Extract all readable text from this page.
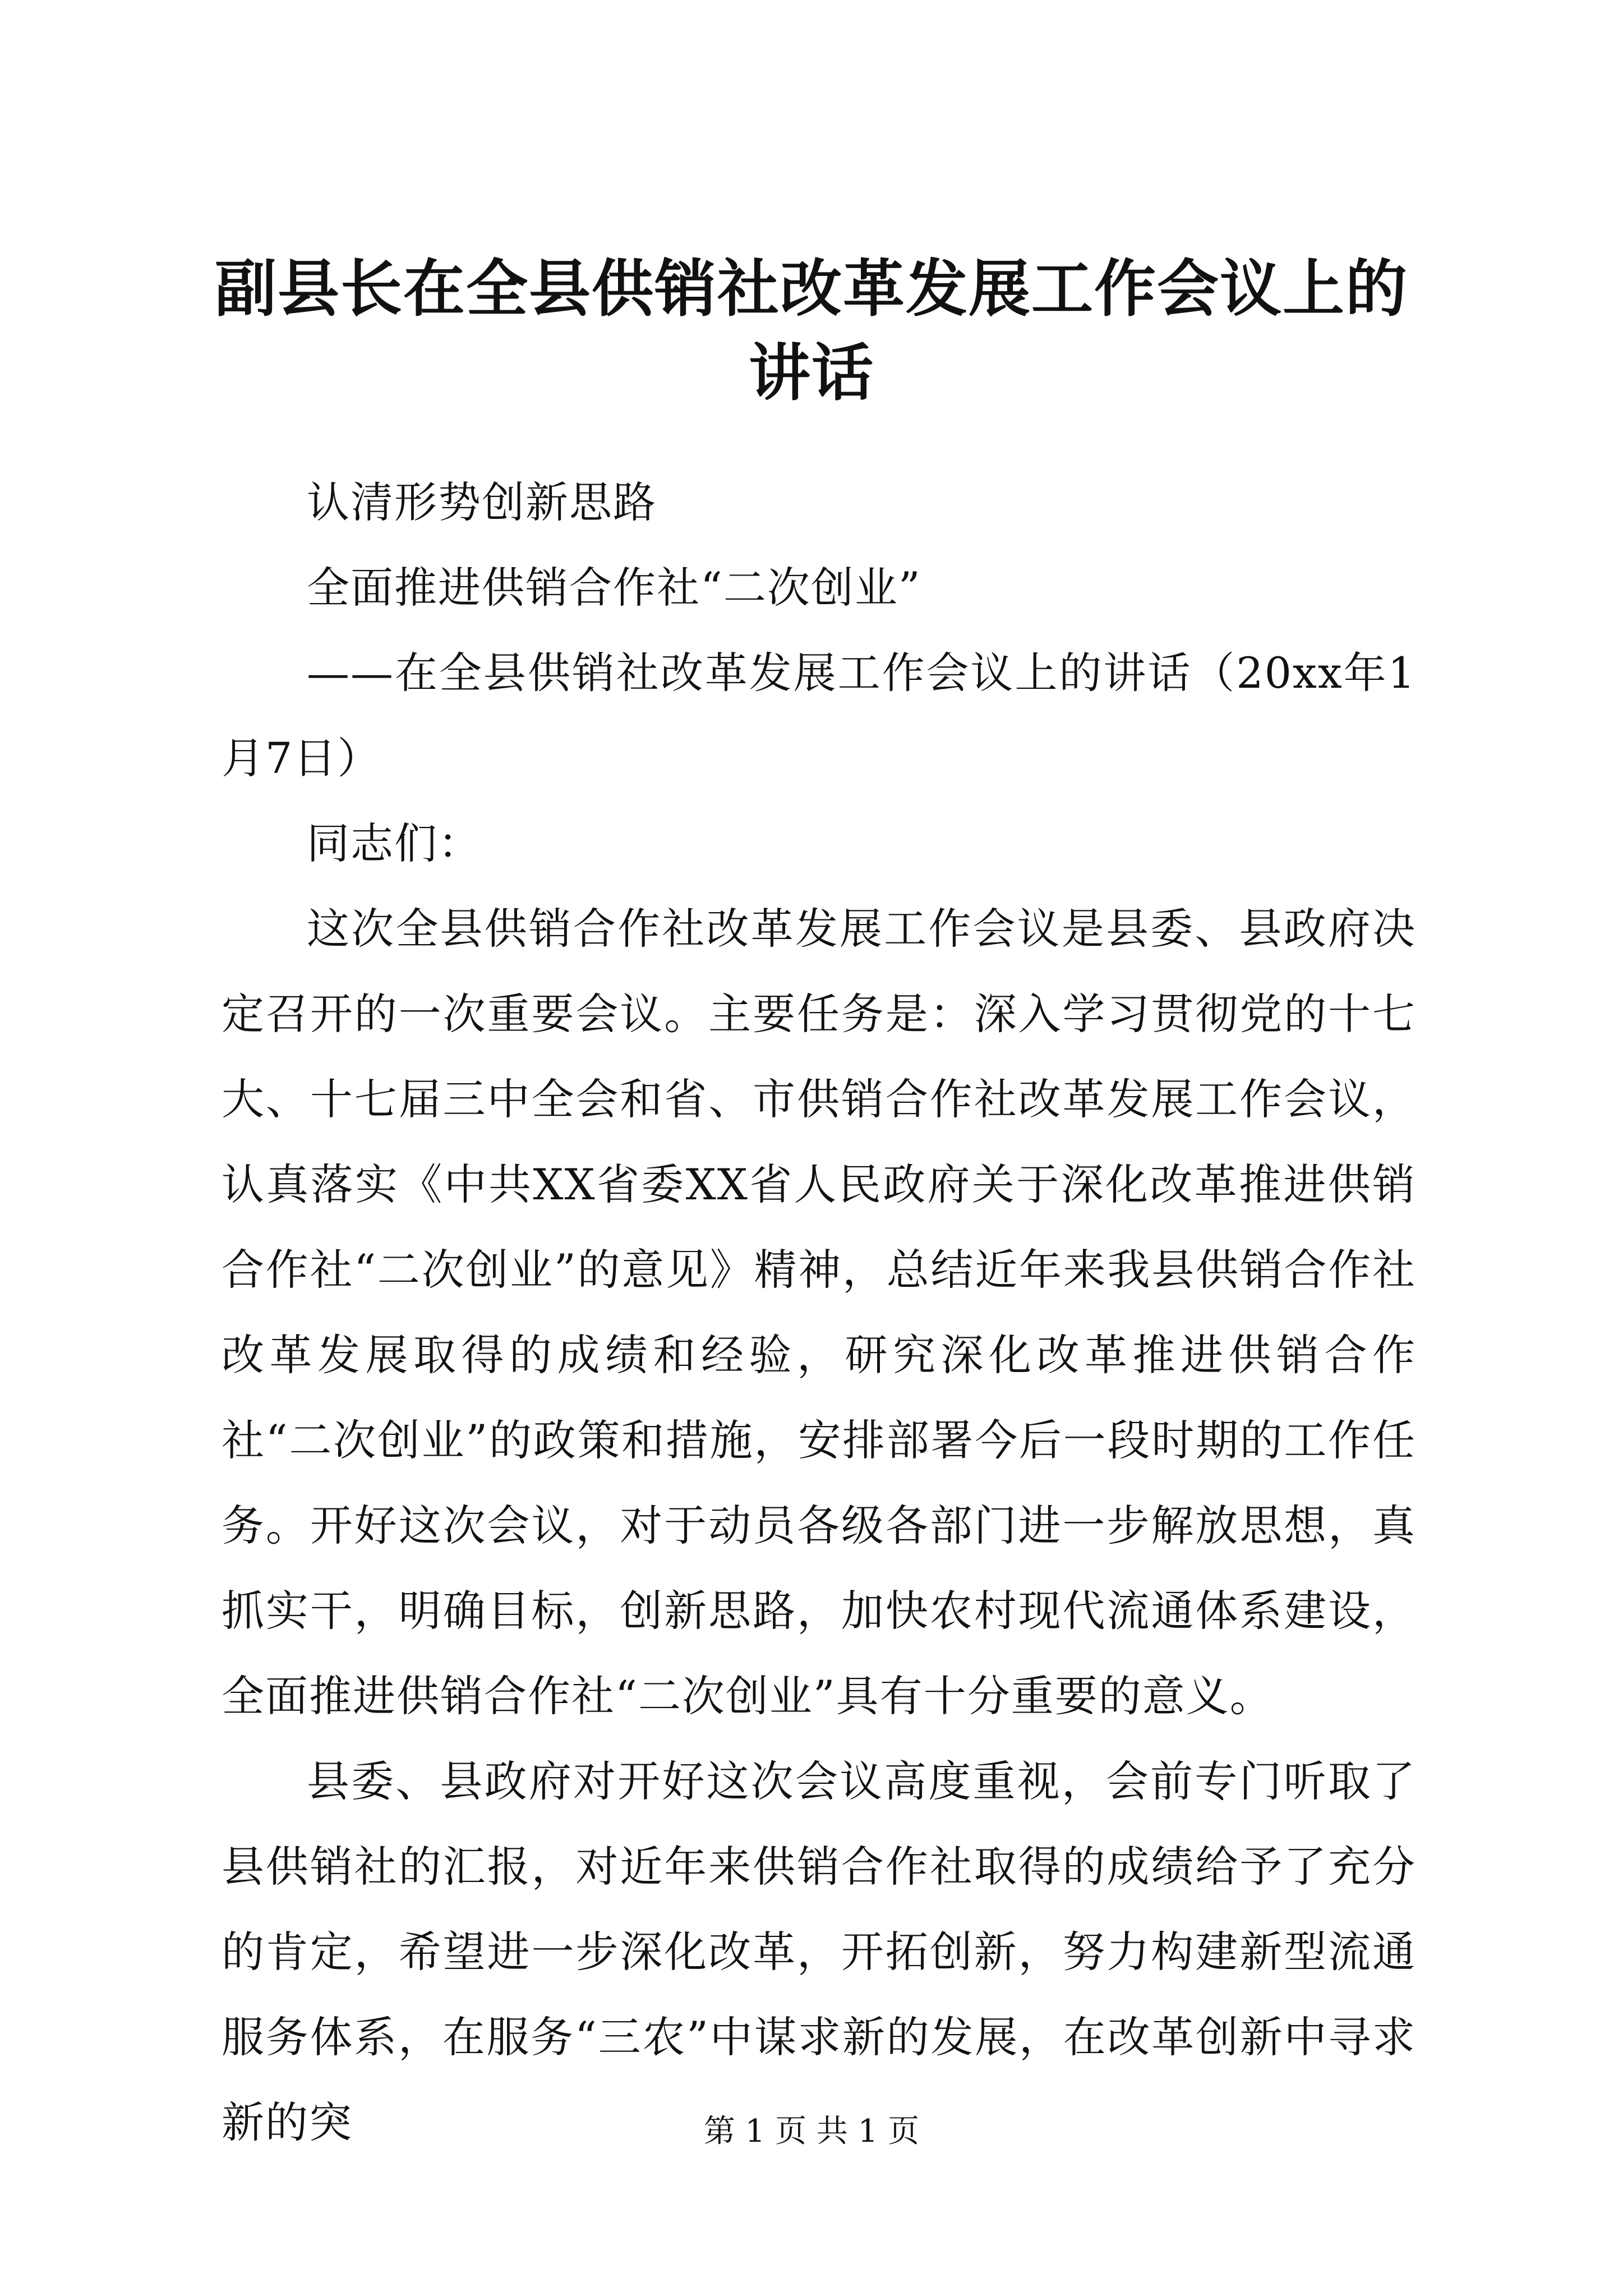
副县长在全县供销社改革发展工作会议上的讲话

认清形势创新思路

全面推进供销合作社“二次创业”

——在全县供销社改革发展工作会议上的讲话（20xx年1月7日）

同志们：

这次全县供销合作社改革发展工作会议是县委、县政府决定召开的一次重要会议。主要任务是：深入学习贯彻党的十七大、十七届三中全会和省、市供销合作社改革发展工作会议，认真落实《中共XX省委XX省人民政府关于深化改革推进供销合作社“二次创业”的意见》精神，总结近年来我县供销合作社改革发展取得的成绩和经验，研究深化改革推进供销合作社“二次创业”的政策和措施，安排部署今后一段时期的工作任务。开好这次会议，对于动员各级各部门进一步解放思想，真抓实干，明确目标，创新思路，加快农村现代流通体系建设，全面推进供销合作社“二次创业”具有十分重要的意义。

县委、县政府对开好这次会议高度重视，会前专门听取了县供销社的汇报，对近年来供销合作社取得的成绩给予了充分的肯定，希望进一步深化改革，开拓创新，努力构建新型流通服务体系，在服务“三农”中谋求新的发展，在改革创新中寻求新的突	第 1 页 共 1 页
